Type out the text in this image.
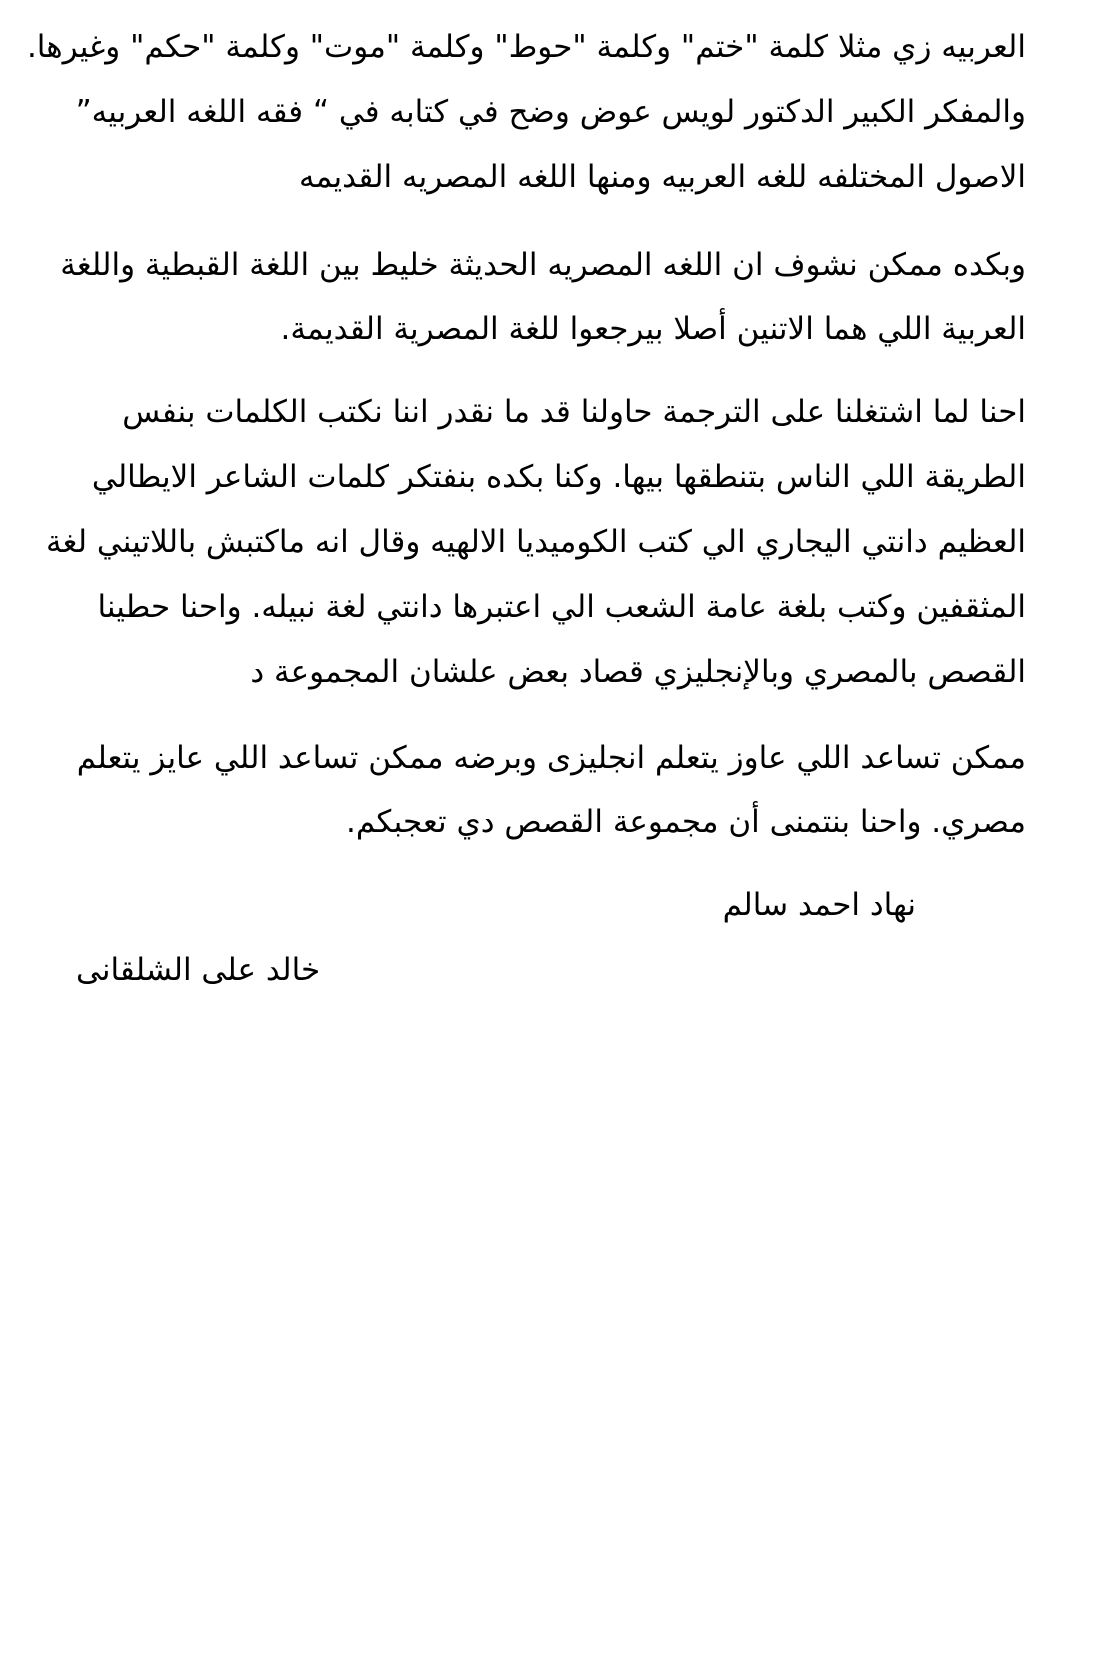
العربيه زي مثلا كلمة "ختم" وكلمة "حوط" وكلمة "موت" وكلمة "حكم" وغيرها.
والمفكر الكبير الدكتور لويس عوض وضح في كتابه في “ فقه اللغه العربيه”
الاصول المختلفه للغه العربيه ومنها اللغه المصريه القديمه
وبكده ممكن نشوف ان اللغه المصريه الحديثة خليط بين اللغة القبطية واللغة
العربية اللي هما الاتنين أصلا بيرجعوا للغة المصرية القديمة.
احنا لما اشتغلنا على الترجمة حاولنا قد ما نقدر اننا نكتب الكلمات بنفس
الطريقة اللي الناس بتنطقها بيها. وكنا بكده بنفتكر كلمات الشاعر الايطالي
العظيم دانتي اليجاري الي كتب الكوميديا الالهيه وقال انه ماكتبش باللاتيني لغة
المثقفين وكتب بلغة عامة الشعب الي اعتبرها دانتي لغة نبيله. واحنا حطينا
القصص بالمصري وبالإنجليزي قصاد بعض علشان المجموعة د
ممكن تساعد اللي عاوز يتعلم انجليزى وبرضه ممكن تساعد اللي عايز يتعلم
مصري. واحنا بنتمنى أن مجموعة القصص دي تعجبكم.
نهاد احمد سالم
خالد على الشلقانى
